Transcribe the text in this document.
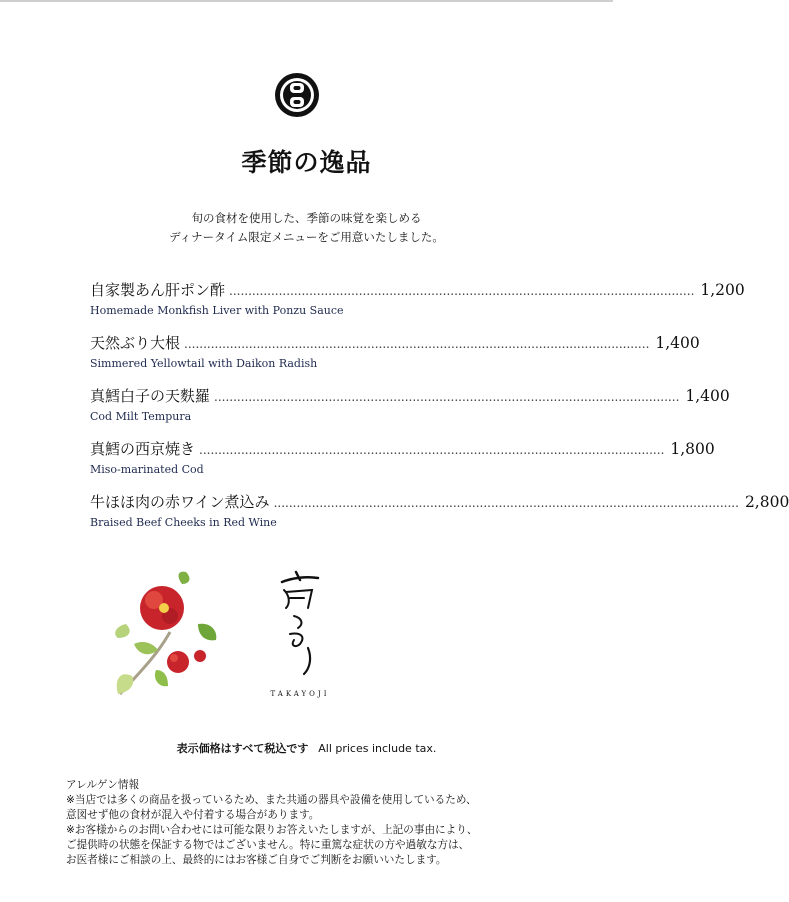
季節の逸品
旬の食材を使用した、季節の味覚を楽しめる
ディナータイム限定メニューをご用意いたしました。
自家製あん肝ポン酢 .......................................................................................................................... 1,200
Homemade Monkfish Liver with Ponzu Sauce
天然ぶり大根 .......................................................................................................................... 1,400
Simmered Yellowtail with Daikon Radish
真鱈白子の天麩羅 .......................................................................................................................... 1,400
Cod Milt Tempura
真鱈の西京焼き .......................................................................................................................... 1,800
Miso-marinated Cod
牛ほほ肉の赤ワイン煮込み .......................................................................................................................... 2,800
Braised Beef Cheeks in Red Wine
TAKAYOJI
表示価格はすべて税込です All prices include tax.
アレルゲン情報
※当店では多くの商品を扱っているため、また共通の器具や設備を使用しているため、
意図せず他の食材が混入や付着する場合があります。
※お客様からのお問い合わせには可能な限りお答えいたしますが、上記の事由により、
ご提供時の状態を保証する物ではございません。特に重篤な症状の方や過敏な方は、
お医者様にご相談の上、最終的にはお客様ご自身でご判断をお願いいたします。
